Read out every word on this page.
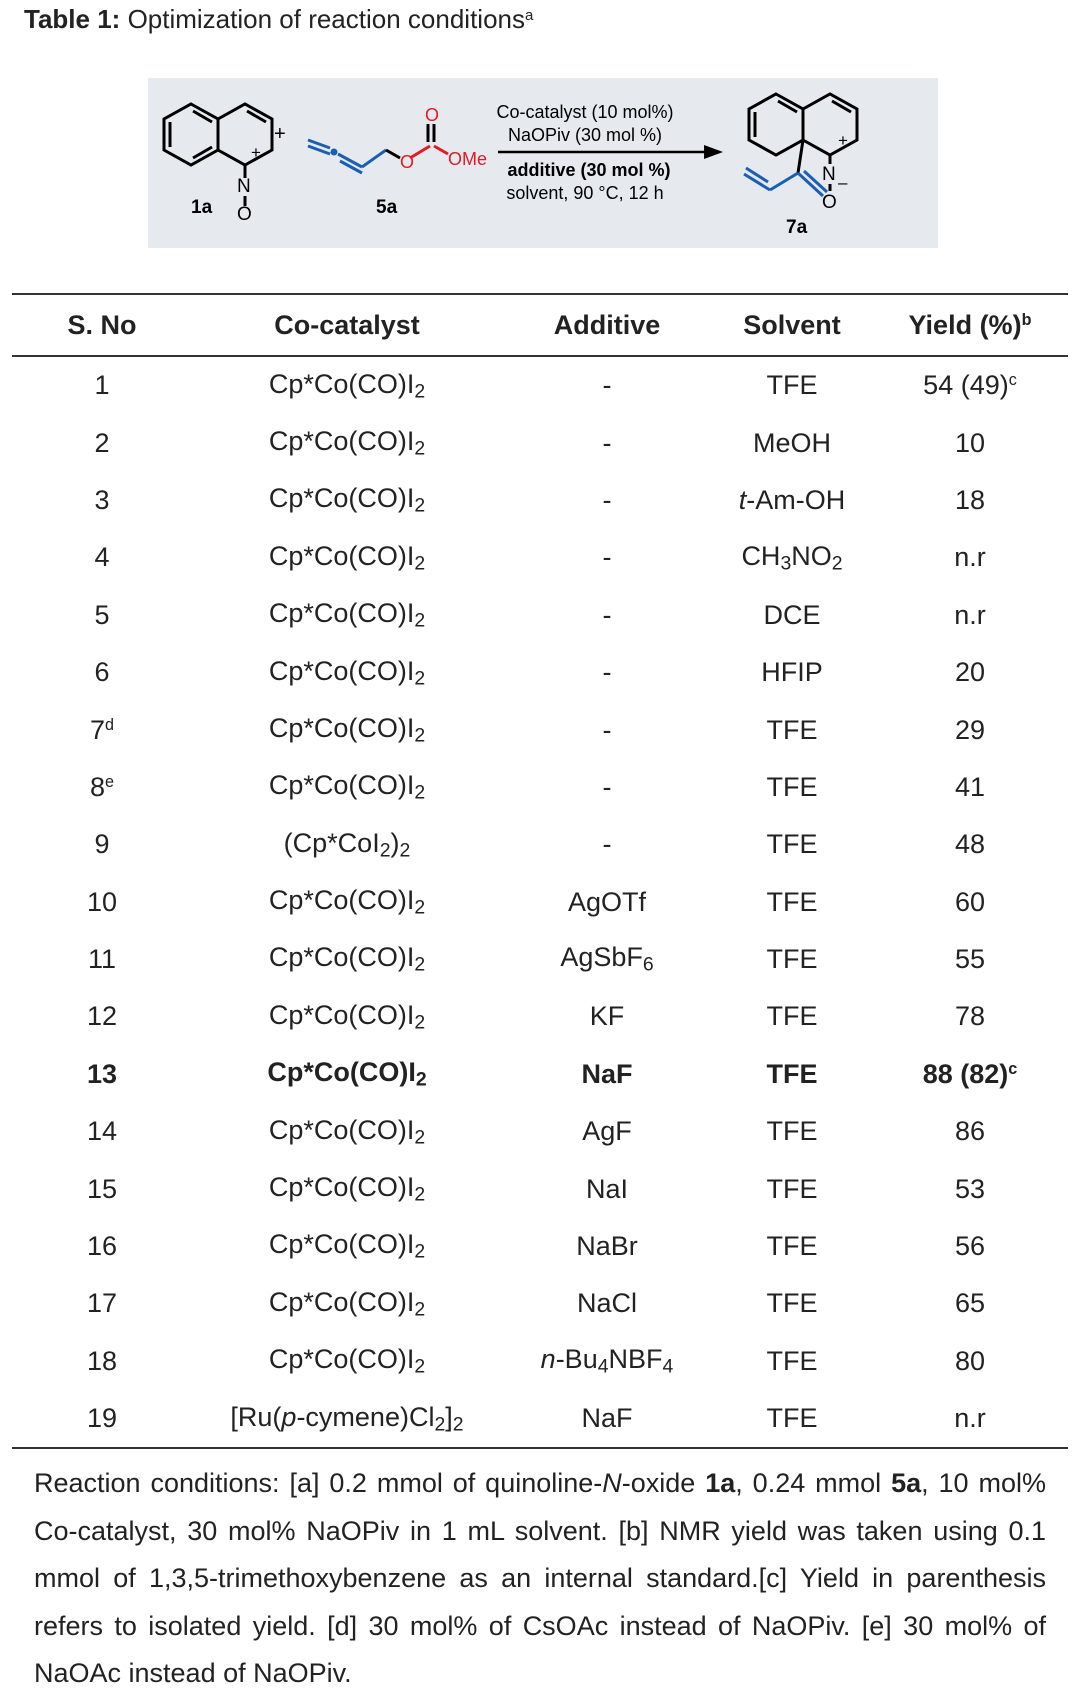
Table 1: Optimization of reaction conditions$^a$
+
N
O
1a
+
O
O
OMe
5a
Co-catalyst (10 mol%)
NaOPiv (30 mol %)
additive (30 mol %)
solvent, 90 °C, 12 h
+
N –
O
7a
S. No	Co-catalyst	Additive	Solvent	Yield (%)$^b$
1	$Cp*Co(CO)I_2$	-	TFE	54 $(49)^c$
2	$Cp*Co(CO)I_2$	-	MeOH	10
3	$Cp*Co(CO)I_2$	-	t-Am-OH	18
4	$Cp*Co(CO)I_2$	-	$CH_3NO_2$	n.r
5	$Cp*Co(CO)I_2$	-	DCE	n.r
6	$Cp*Co(CO)I_2$	-	HFIP	20
7$^d$	$Cp*Co(CO)I_2$	-	TFE	29
8e	$Cp*Co(CO)I_2$	-	TFE	41
9	$(Cp*CoI_2)_2$	-	TFE	48
10	$Cp*Co(CO)I_2$	AgOTf	TFE	60
11	$Cp*Co(CO)I_2$	AgSbF$_6$	TFE	55
12	$Cp*Co(CO)I_2$	KF	TFE	78
13	$Cp*Co(CO)I_2$	NaF	TFE	88 $(82)^c$
14	$Cp*Co(CO)I_2$	AgF	TFE	86
15	$Cp*Co(CO)I_2$	NaI	TFE	53
16	$Cp*Co(CO)I_2$	NaBr	TFE	56
17	$Cp*Co(CO)I_2$	NaCl	TFE	65
18	$Cp*Co(CO)I_2$	$n-Bu_4NBF_4$	TFE	80
19	$[Ru(p-cymene)Cl_2]_2$	NaF	TFE	n.r
Reaction conditions: [a] 0.2 mmol of quinoline-N-oxide 1a, 0.24 mmol 5a, 10 mol% Co-catalyst, 30 mol% NaOPiv in 1 mL solvent. [b] NMR yield was taken using 0.1 mmol of 1,3,5-trimethoxybenzene as an internal standard.[c] Yield in parenthesis refers to isolated yield. [d] 30 mol% of CsOAc instead of NaOPiv. [e] 30 mol% of NaOAc instead of NaOPiv.
